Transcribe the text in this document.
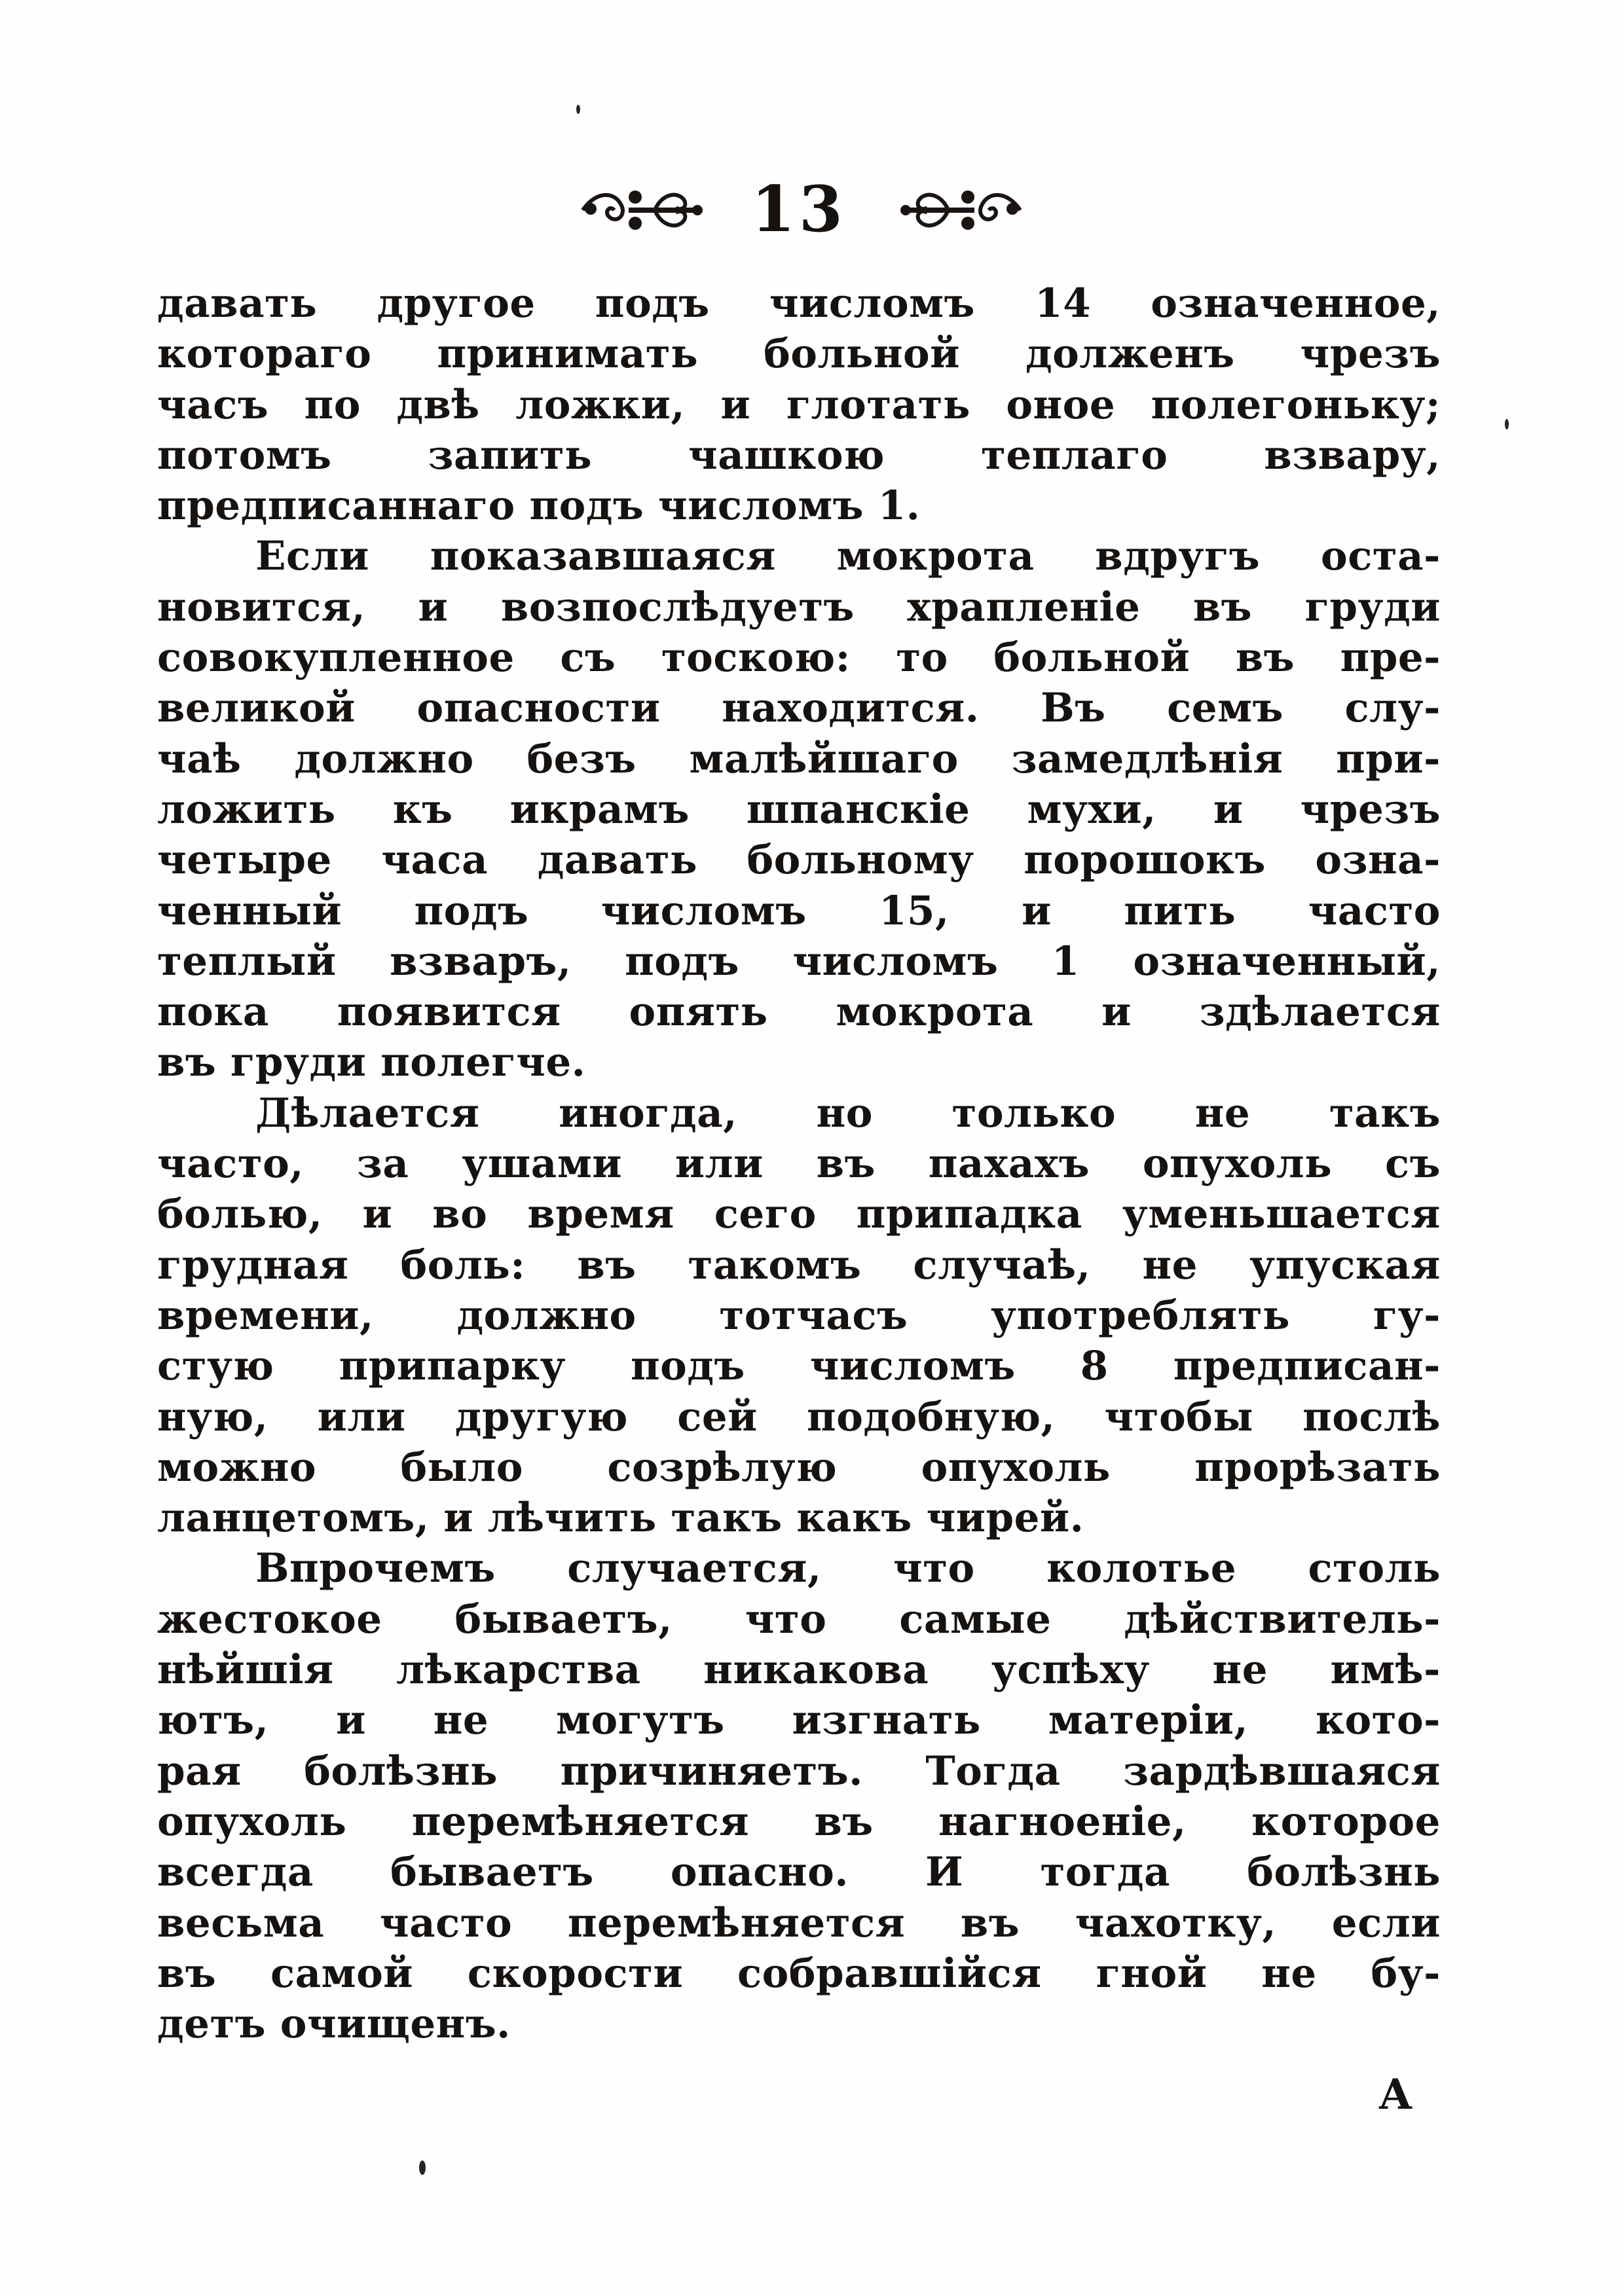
13
давать другое подъ числомъ 14 означенное,
котораго принимать больной долженъ чрезъ
часъ по двѣ ложки, и глотать оное полегоньку;
потомъ запить чашкою теплаго взвару,
предписаннаго подъ числомъ 1.
Если показавшаяся мокрота вдругъ оста-
новится, и возпослѣдуетъ храпленіе въ груди
совокупленное съ тоскою: то больной въ пре-
великой опасности находится. Въ семъ слу-
чаѣ должно безъ малѣйшаго замедлѣнія при-
ложить къ икрамъ шпанскіе мухи, и чрезъ
четыре часа давать больному порошокъ озна-
ченный подъ числомъ 15, и пить часто
теплый взваръ, подъ числомъ 1 означенный,
пока появится опять мокрота и здѣлается
въ груди полегче.
Дѣлается иногда, но только не такъ
часто, за ушами или въ пахахъ опухоль съ
болью, и во время сего припадка уменьшается
грудная боль: въ такомъ случаѣ, не упуская
времени, должно тотчасъ употреблять гу-
стую припарку подъ числомъ 8 предписан-
ную, или другую сей подобную, чтобы послѣ
можно было созрѣлую опухоль прорѣзать
ланцетомъ, и лѣчить такъ какъ чирей.
Впрочемъ случается, что колотье столь
жестокое бываетъ, что самые дѣйствитель-
нѣйшія лѣкарства никакова успѣху не имѣ-
ютъ, и не могутъ изгнать матеріи, кото-
рая болѣзнь причиняетъ. Тогда зардѣвшаяся
опухоль перемѣняется въ нагноеніе, которое
всегда бываетъ опасно. И тогда болѣзнь
весьма часто перемѣняется въ чахотку, если
въ самой скорости собравшійся гной не бу-
детъ очищенъ.
А
